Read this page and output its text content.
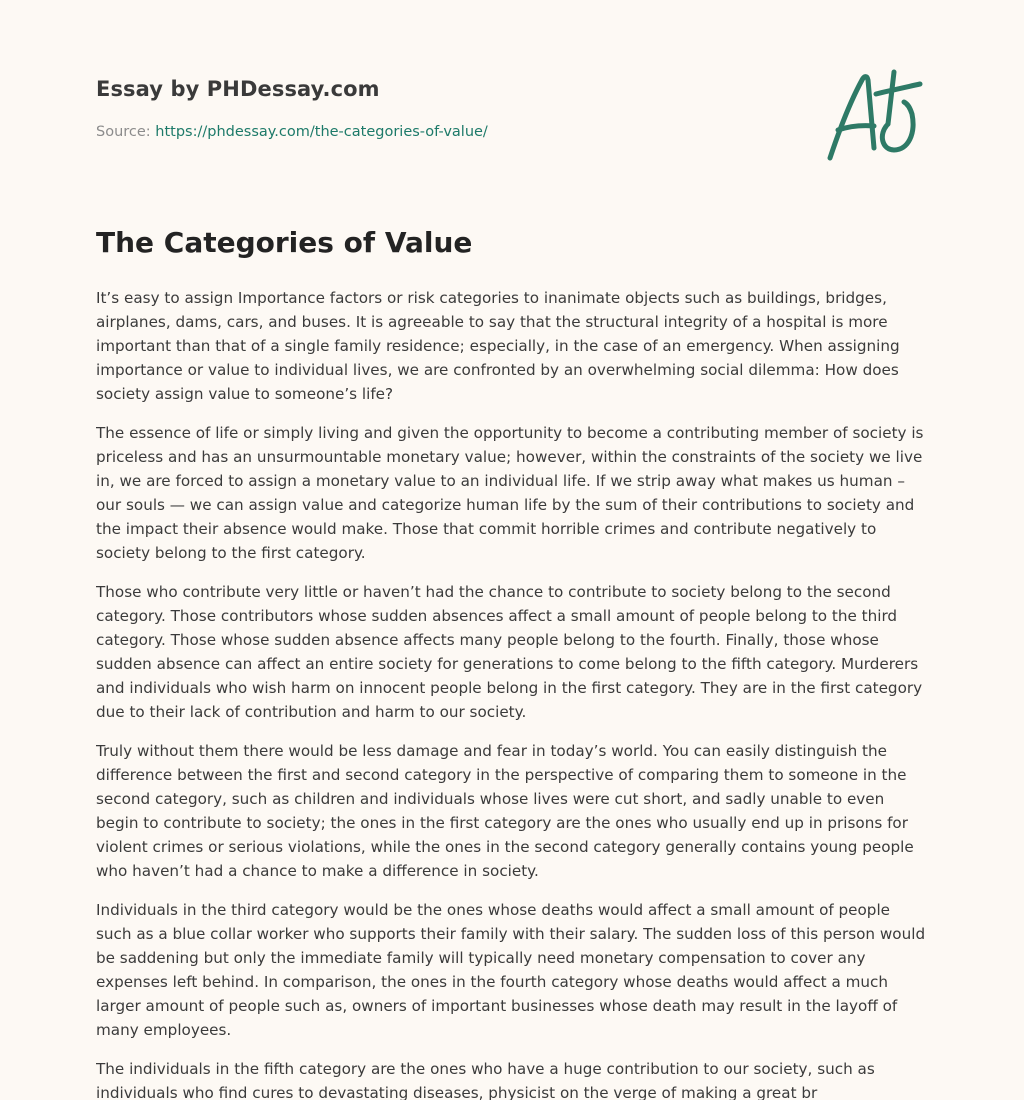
Essay by PHDessay.com

Source: https://phdessay.com/the-categories-of-value/

The Categories of Value

It’s easy to assign Importance factors or risk categories to inanimate objects such as buildings, bridges, airplanes, dams, cars, and buses. It is agreeable to say that the structural integrity of a hospital is more important than that of a single family residence; especially, in the case of an emergency. When assigning importance or value to individual lives, we are confronted by an overwhelming social dilemma: How does society assign value to someone’s life?

The essence of life or simply living and given the opportunity to become a contributing member of society is priceless and has an unsurmountable monetary value; however, within the constraints of the society we live in, we are forced to assign a monetary value to an individual life. If we strip away what makes us human – our souls — we can assign value and categorize human life by the sum of their contributions to society and the impact their absence would make. Those that commit horrible crimes and contribute negatively to society belong to the first category.

Those who contribute very little or haven’t had the chance to contribute to society belong to the second category. Those contributors whose sudden absences affect a small amount of people belong to the third category. Those whose sudden absence affects many people belong to the fourth. Finally, those whose sudden absence can affect an entire society for generations to come belong to the fifth category. Murderers and individuals who wish harm on innocent people belong in the first category. They are in the first category due to their lack of contribution and harm to our society.

Truly without them there would be less damage and fear in today’s world. You can easily distinguish the difference between the first and second category in the perspective of comparing them to someone in the second category, such as children and individuals whose lives were cut short, and sadly unable to even begin to contribute to society; the ones in the first category are the ones who usually end up in prisons for violent crimes or serious violations, while the ones in the second category generally contains young people who haven’t had a chance to make a difference in society.

Individuals in the third category would be the ones whose deaths would affect a small amount of people such as a blue collar worker who supports their family with their salary. The sudden loss of this person would be saddening but only the immediate family will typically need monetary compensation to cover any expenses left behind. In comparison, the ones in the fourth category whose deaths would affect a much larger amount of people such as, owners of important businesses whose death may result in the layoff of many employees.

The individuals in the fifth category are the ones who have a huge contribution to our society, such as individuals who find cures to devastating diseases, physicist on the verge of making a great br
